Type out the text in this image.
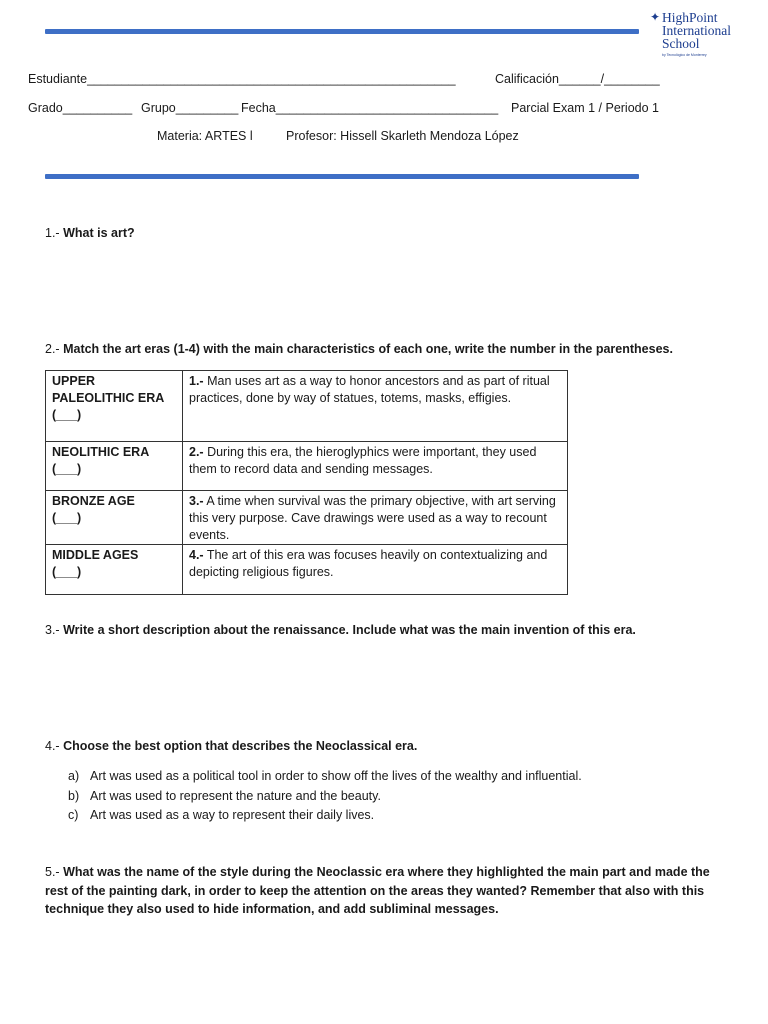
✦ HighPoint
International
School
by Tecnológico de Monterrey
Estudiante_____________________________________________________	Calificación______/________
Grado__________ Grupo_________ Fecha________________________________ Parcial Exam 1 / Periodo 1
Materia: ARTES l	Profesor: Hissell Skarleth Mendoza López
1.- What is art?
2.- Match the art eras (1-4) with the main characteristics of each one, write the number in the parentheses.
UPPER PALEOLITHIC ERA
(___)	1.- Man uses art as a way to honor ancestors and as part of ritual practices, done by way of statues, totems, masks, effigies.

NEOLITHIC ERA
(___)	2.- During this era, the hieroglyphics were important, they used them to record data and sending messages.

BRONZE AGE
(___)	3.- A time when survival was the primary objective, with art serving this very purpose. Cave drawings were used as a way to recount events.

MIDDLE AGES
(___)	4.- The art of this era was focuses heavily on contextualizing and depicting religious figures.
3.- Write a short description about the renaissance. Include what was the main invention of this era.
4.- Choose the best option that describes the Neoclassical era.
a) Art was used as a political tool in order to show off the lives of the wealthy and influential.
b) Art was used to represent the nature and the beauty.
c) Art was used as a way to represent their daily lives.
5.- What was the name of the style during the Neoclassic era where they highlighted the main part and made the rest of the painting dark, in order to keep the attention on the areas they wanted? Remember that also with this technique they also used to hide information, and add subliminal messages.
